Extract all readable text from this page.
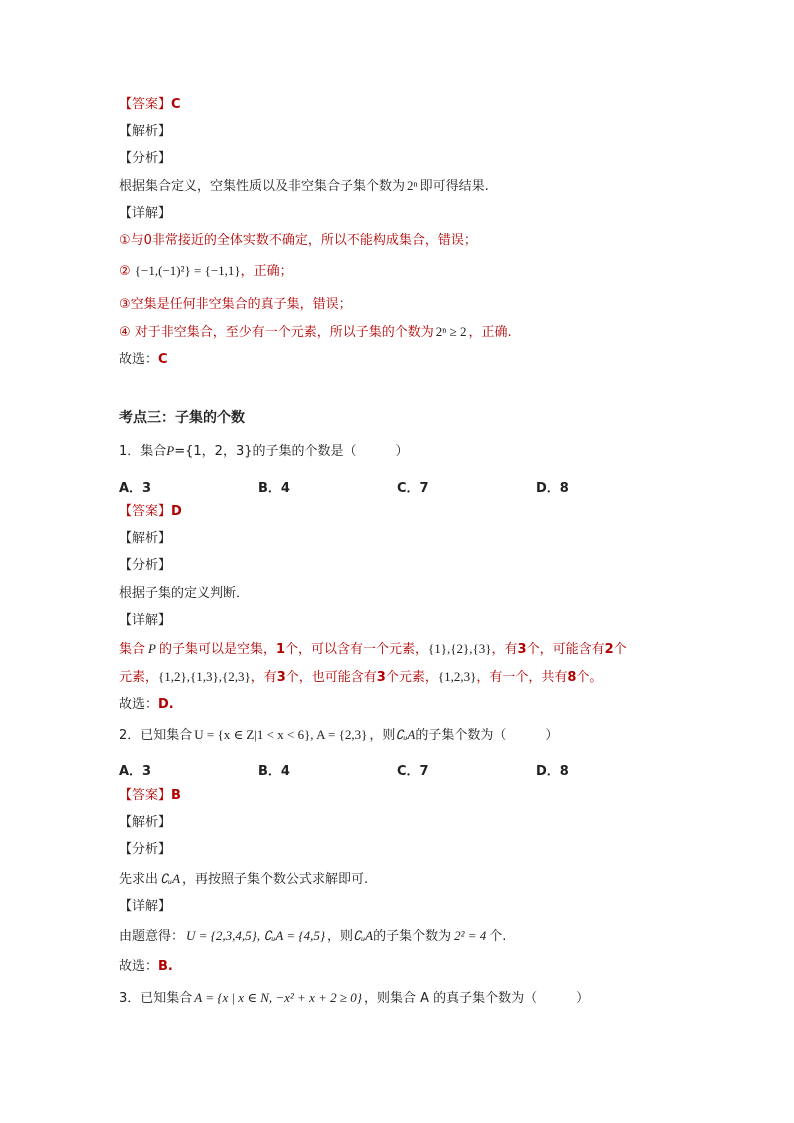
【答案】C
【解析】
【分析】
根据集合定义，空集性质以及非空集合子集个数为 2ⁿ 即可得结果.
【详解】
①与0非常接近的全体实数不确定，所以不能构成集合，错误；
② {−1,(−1)²} = {−1,1}，正确；
③空集是任何非空集合的真子集，错误；
④ 对于非空集合，至少有一个元素，所以子集的个数为 2ⁿ ≥ 2 ，正确.
故选：C
考点三：子集的个数
1．集合P={1，2，3}的子集的个数是（　　　）
A．3	B．4	C．7	D．8
【答案】D
【解析】
【分析】
根据子集的定义判断．
【详解】
集合 P 的子集可以是空集，1个，可以含有一个元素，{1},{2},{3}，有3个，可能含有2个
元素，{1,2},{1,3},{2,3}，有3个，也可能含有3个元素，{1,2,3}，有一个，共有8个。
故选：D.
2．已知集合 U = {x ∈ Z|1 < x < 6}, A = {2,3} ，则∁ᵤA的子集个数为（　　　）
A．3	B．4	C．7	D．8
【答案】B
【解析】
【分析】
先求出 ∁ᵤA ，再按照子集个数公式求解即可.
【详解】
由题意得： U = {2,3,4,5}, ∁ᵤA = {4,5} ，则∁ᵤA的子集个数为 2² = 4 个.
故选：B.
3．已知集合 A = {x | x ∈ N, −x² + x + 2 ≥ 0} ，则集合 A 的真子集个数为（　　　）
